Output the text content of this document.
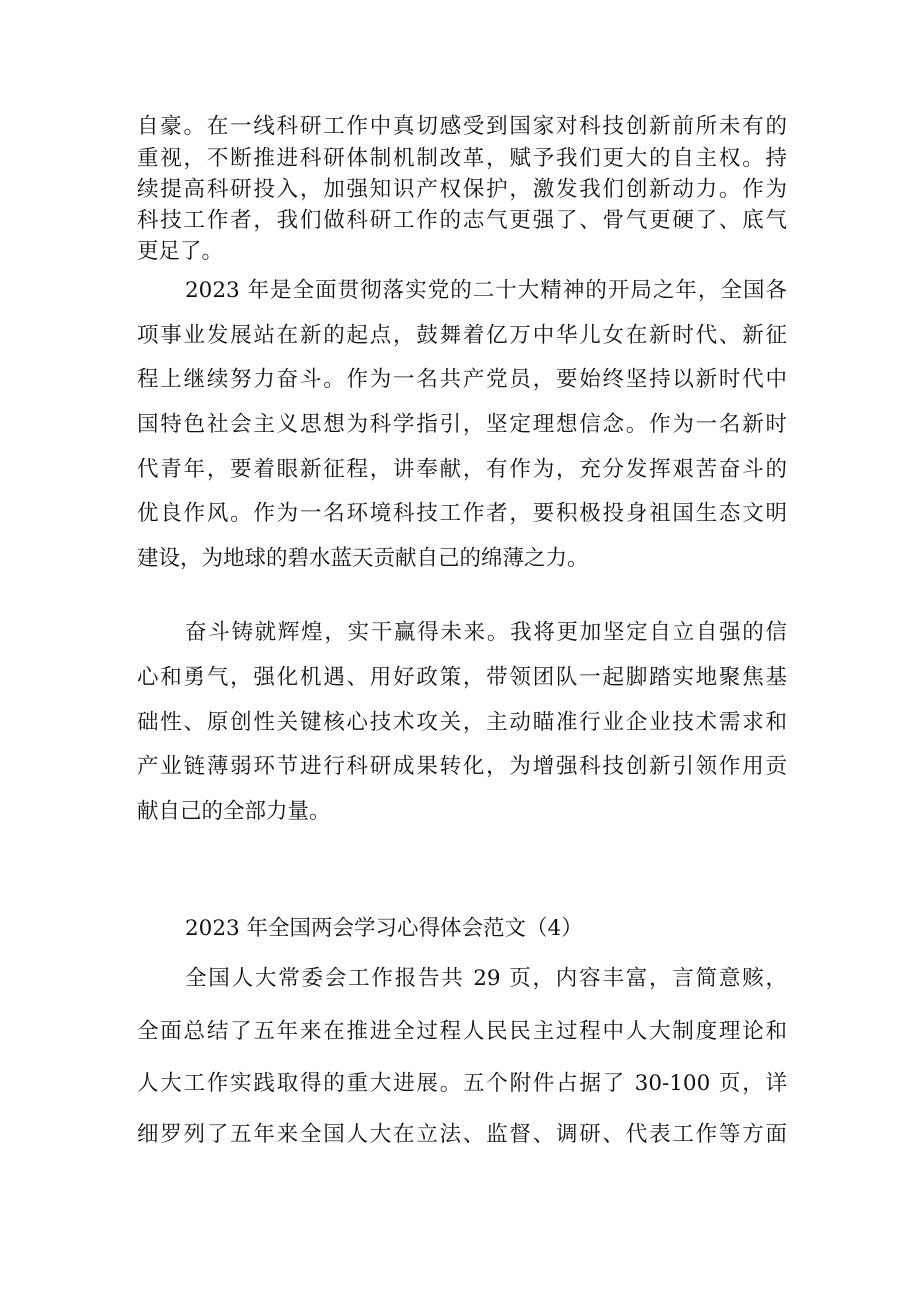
自豪。在一线科研工作中真切感受到国家对科技创新前所未有的
重视，不断推进科研体制机制改革，赋予我们更大的自主权。持
续提高科研投入，加强知识产权保护，激发我们创新动力。作为
科技工作者，我们做科研工作的志气更强了、骨气更硬了、底气
更足了。
2023 年是全面贯彻落实党的二十大精神的开局之年，全国各
项事业发展站在新的起点，鼓舞着亿万中华儿女在新时代、新征
程上继续努力奋斗。作为一名共产党员，要始终坚持以新时代中
国特色社会主义思想为科学指引，坚定理想信念。作为一名新时
代青年，要着眼新征程，讲奉献，有作为，充分发挥艰苦奋斗的
优良作风。作为一名环境科技工作者，要积极投身祖国生态文明
建设，为地球的碧水蓝天贡献自己的绵薄之力。
奋斗铸就辉煌，实干赢得未来。我将更加坚定自立自强的信
心和勇气，强化机遇、用好政策，带领团队一起脚踏实地聚焦基
础性、原创性关键核心技术攻关，主动瞄准行业企业技术需求和
产业链薄弱环节进行科研成果转化，为增强科技创新引领作用贡
献自己的全部力量。
2023 年全国两会学习心得体会范文（4）
全国人大常委会工作报告共 29 页，内容丰富，言简意赅，
全面总结了五年来在推进全过程人民民主过程中人大制度理论和
人大工作实践取得的重大进展。五个附件占据了 30-100 页，详
细罗列了五年来全国人大在立法、监督、调研、代表工作等方面
